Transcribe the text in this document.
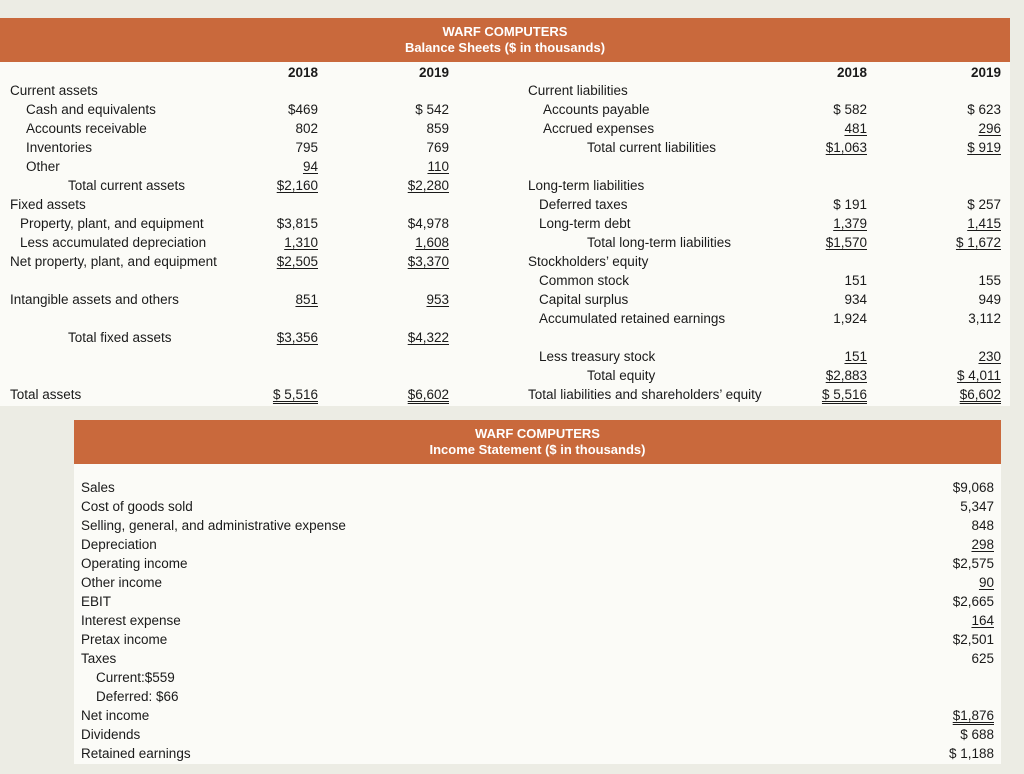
WARF COMPUTERS
Balance Sheets ($ in thousands)
2018	2019	2018	2019
Current assets
Cash and equivalents	$469	$ 542
Accounts receivable	802	859
Inventories	795	769
Other	94	110
Total current assets	$2,160	$2,280
Fixed assets
Property, plant, and equipment	$3,815	$4,978
Less accumulated depreciation	1,310	1,608
Net property, plant, and equipment	$2,505	$3,370
Intangible assets and others	851	953
Total fixed assets	$3,356	$4,322
Total assets	$ 5,516	$6,602
Current liabilities
Accounts payable	$ 582	$ 623
Accrued expenses	481	296
Total current liabilities	$1,063	$ 919
Long-term liabilities
Deferred taxes	$ 191	$ 257
Long-term debt	1,379	1,415
Total long-term liabilities	$1,570	$ 1,672
Stockholders’ equity
Common stock	151	155
Capital surplus	934	949
Accumulated retained earnings	1,924	3,112
Less treasury stock	151	230
Total equity	$2,883	$ 4,011
Total liabilities and shareholders’ equity	$ 5,516	$6,602
WARF COMPUTERS
Income Statement ($ in thousands)
Sales	$9,068
Cost of goods sold	5,347
Selling, general, and administrative expense	848
Depreciation	298
Operating income	$2,575
Other income	90
EBIT	$2,665
Interest expense	164
Pretax income	$2,501
Taxes	625
Current:$559
Deferred: $66
Net income	$1,876
Dividends	$ 688
Retained earnings	$ 1,188
